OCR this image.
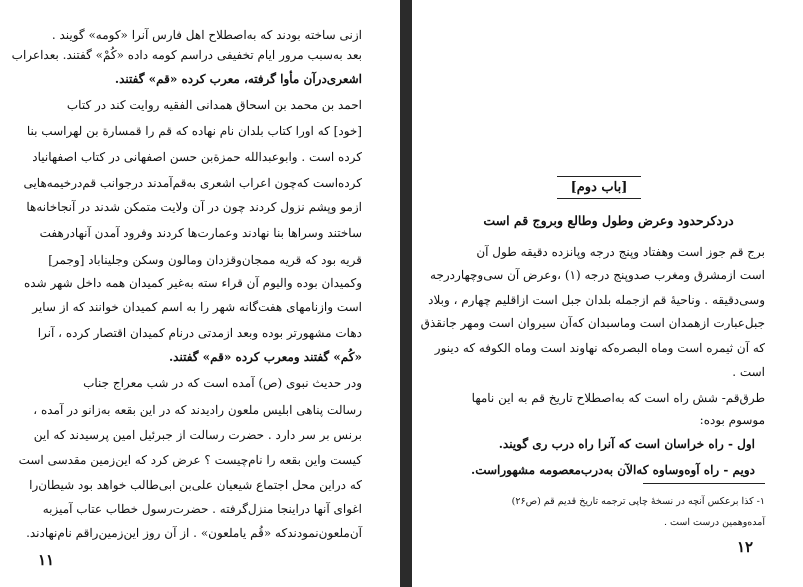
ازنی ساخته بودند که به‌اصطلاح اهل فارس آنرا «کومه» گویند .
بعد به‌سبب مرور ایام تخفیفی درا‌سم کومه داده «کُمْ» گفتند. بعداعراب
اشعری‌درآن مأوا گرفته، معرب کرده «قم» گفتند.
احمد بن محمد بن اسحاق همدانی الفقیه روایت کند در کتاب
[خود] که اورا کتاب بلدان نام نهاده که قم را قمسارة بن لهراسب بنا
کرده است . وابوعبدالله حمزةبن حسن اصفهانی در کتاب اصفهانیاد
کرده‌است که‌چون اعراب اشعری به‌قم‌آمدند درجوانب قم‌درخیمه‌هایی
ازمو وپشم نزول کردند چون در آن ولایت متمکن شدند در آنجاخانه‌ها
ساختند وسراها بنا نهادند وعمارت‌ها کردند وفرود آمدن آنهادرهفت
قریه بود که قریه ممجان‌وقزدان ومالون وسکن وجلیناباد [وجمر]
وکمیدان بوده والیوم آن قراء سته به‌غیر کمیدان همه داخل شهر شده
است وازنامهای هفت‌گانه شهر را به اسم کمیدان خوانند که از سایر
دهات مشهورتر بوده و‌بعد ازمدتی درنام کمیدان اقتصار کرده ، آنرا
«کُم» گفتند ومعرب کرده «قم» گفتند.
ودر حدیث نبوی (ص) آمده است که در شب معراج جناب
رسالت پناهی ابلیس ملعون رادیدند که در این بقعه به‌زانو در آمده ،
برنس بر سر دارد . حضرت رسالت از جبرئیل امین پرسیدند که این
کیست واین بقعه را نام‌چیست ؟ عرض کرد که این‌زمین مقدسی است
که دراین محل اجتماع شیعیان علی‌بن ابی‌طالب خواهد بود شیطان‌را
اغوای آنها دراینجا منزل‌گرفته . حضرت‌رسول خطاب عتاب آمیزبه
آن‌ملعون‌نمودند‌که «قُم یاملعون» . از آن روز این‌زمین‌راقم نام‌نهادند.
۱۱
[باب دوم]
دردکرحدود وعرض وطول وطالع وبروج قم است
برج قم جوز است وهفتاد وپنج درجه وپانزده دقیقه طول آن
است ازمشرق ومغرب صدوپنج درجه (۱) ،وعرض آن سی‌وچهاردرجه
وسی‌دقیقه . وناحیهٔ قم ازجمله بلدان جبل است ازاقلیم چهارم ، وبلاد
جبل‌عبارت ازهمدان است وماسبدان که‌آن سیروان است ومهر جانقذق
که آن ثیمره است وماه البصره‌که نهاوند است وماه الکوفه که دینور
است .
طرق‌قم- شش راه است که به‌اصطلاح تاریخ قم به این نامها
موسوم بوده:
اول - راه خراسان است که آنرا راه درب ری گویند.
دویم - راه آوه‌وساوه کەالآن به‌درب‌معصومه مشهوراست.
۱- کذا برعکس آنچه در نسخهٔ چاپی ترجمه تاریخ قدیم قم (ص۲۶)
آمده‌وهمین درست است .
۱۲
